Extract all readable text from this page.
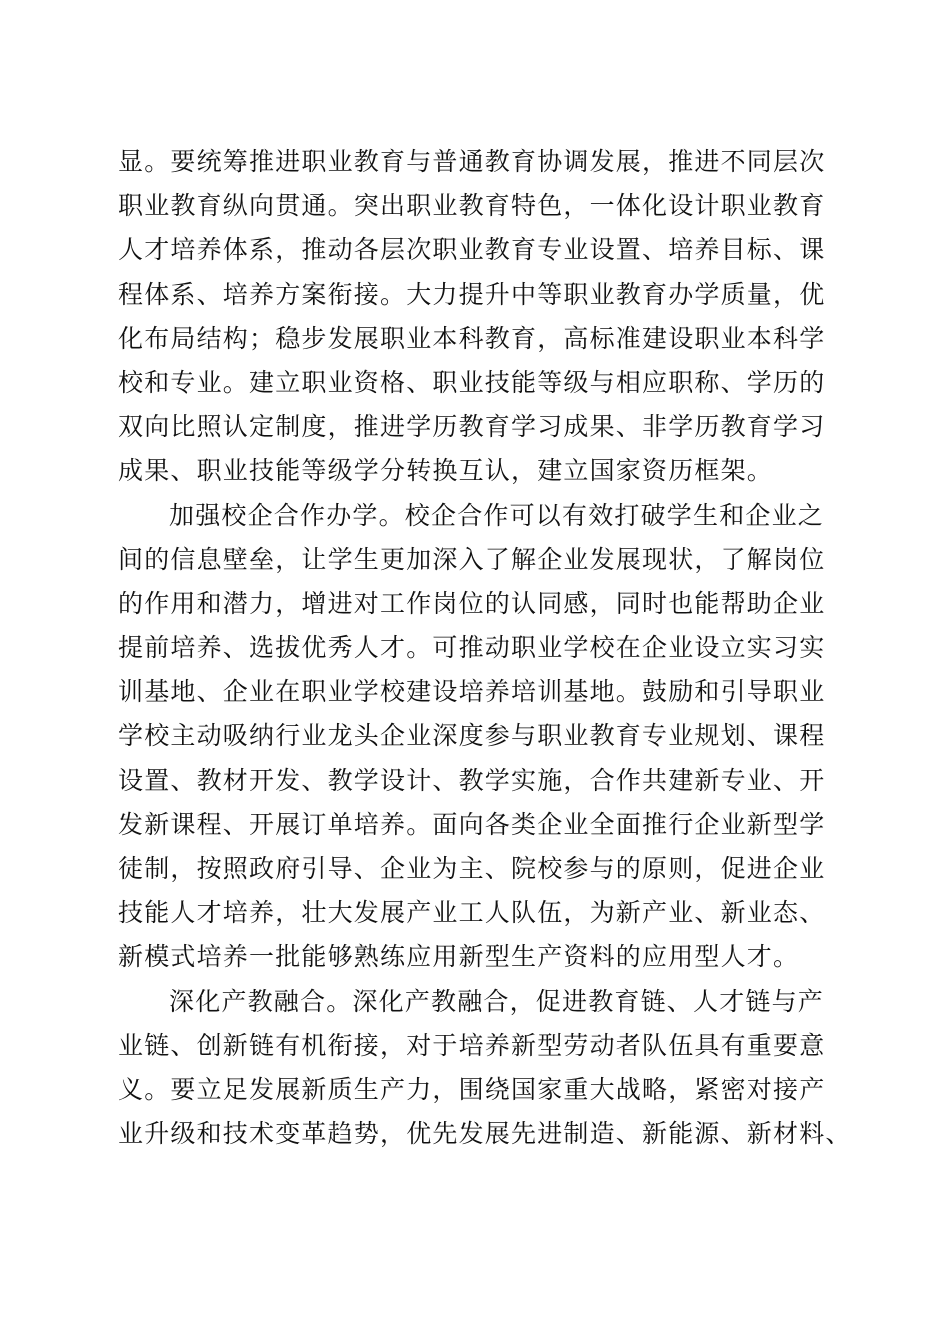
显。要统筹推进职业教育与普通教育协调发展，推进不同层次
职业教育纵向贯通。突出职业教育特色，一体化设计职业教育
人才培养体系，推动各层次职业教育专业设置、培养目标、课
程体系、培养方案衔接。大力提升中等职业教育办学质量，优
化布局结构；稳步发展职业本科教育，高标准建设职业本科学
校和专业。建立职业资格、职业技能等级与相应职称、学历的
双向比照认定制度，推进学历教育学习成果、非学历教育学习
成果、职业技能等级学分转换互认，建立国家资历框架。
加强校企合作办学。校企合作可以有效打破学生和企业之
间的信息壁垒，让学生更加深入了解企业发展现状，了解岗位
的作用和潜力，增进对工作岗位的认同感，同时也能帮助企业
提前培养、选拔优秀人才。可推动职业学校在企业设立实习实
训基地、企业在职业学校建设培养培训基地。鼓励和引导职业
学校主动吸纳行业龙头企业深度参与职业教育专业规划、课程
设置、教材开发、教学设计、教学实施，合作共建新专业、开
发新课程、开展订单培养。面向各类企业全面推行企业新型学
徒制，按照政府引导、企业为主、院校参与的原则，促进企业
技能人才培养，壮大发展产业工人队伍，为新产业、新业态、
新模式培养一批能够熟练应用新型生产资料的应用型人才。
深化产教融合。深化产教融合，促进教育链、人才链与产
业链、创新链有机衔接，对于培养新型劳动者队伍具有重要意
义。要立足发展新质生产力，围绕国家重大战略，紧密对接产
业升级和技术变革趋势，优先发展先进制造、新能源、新材料、
